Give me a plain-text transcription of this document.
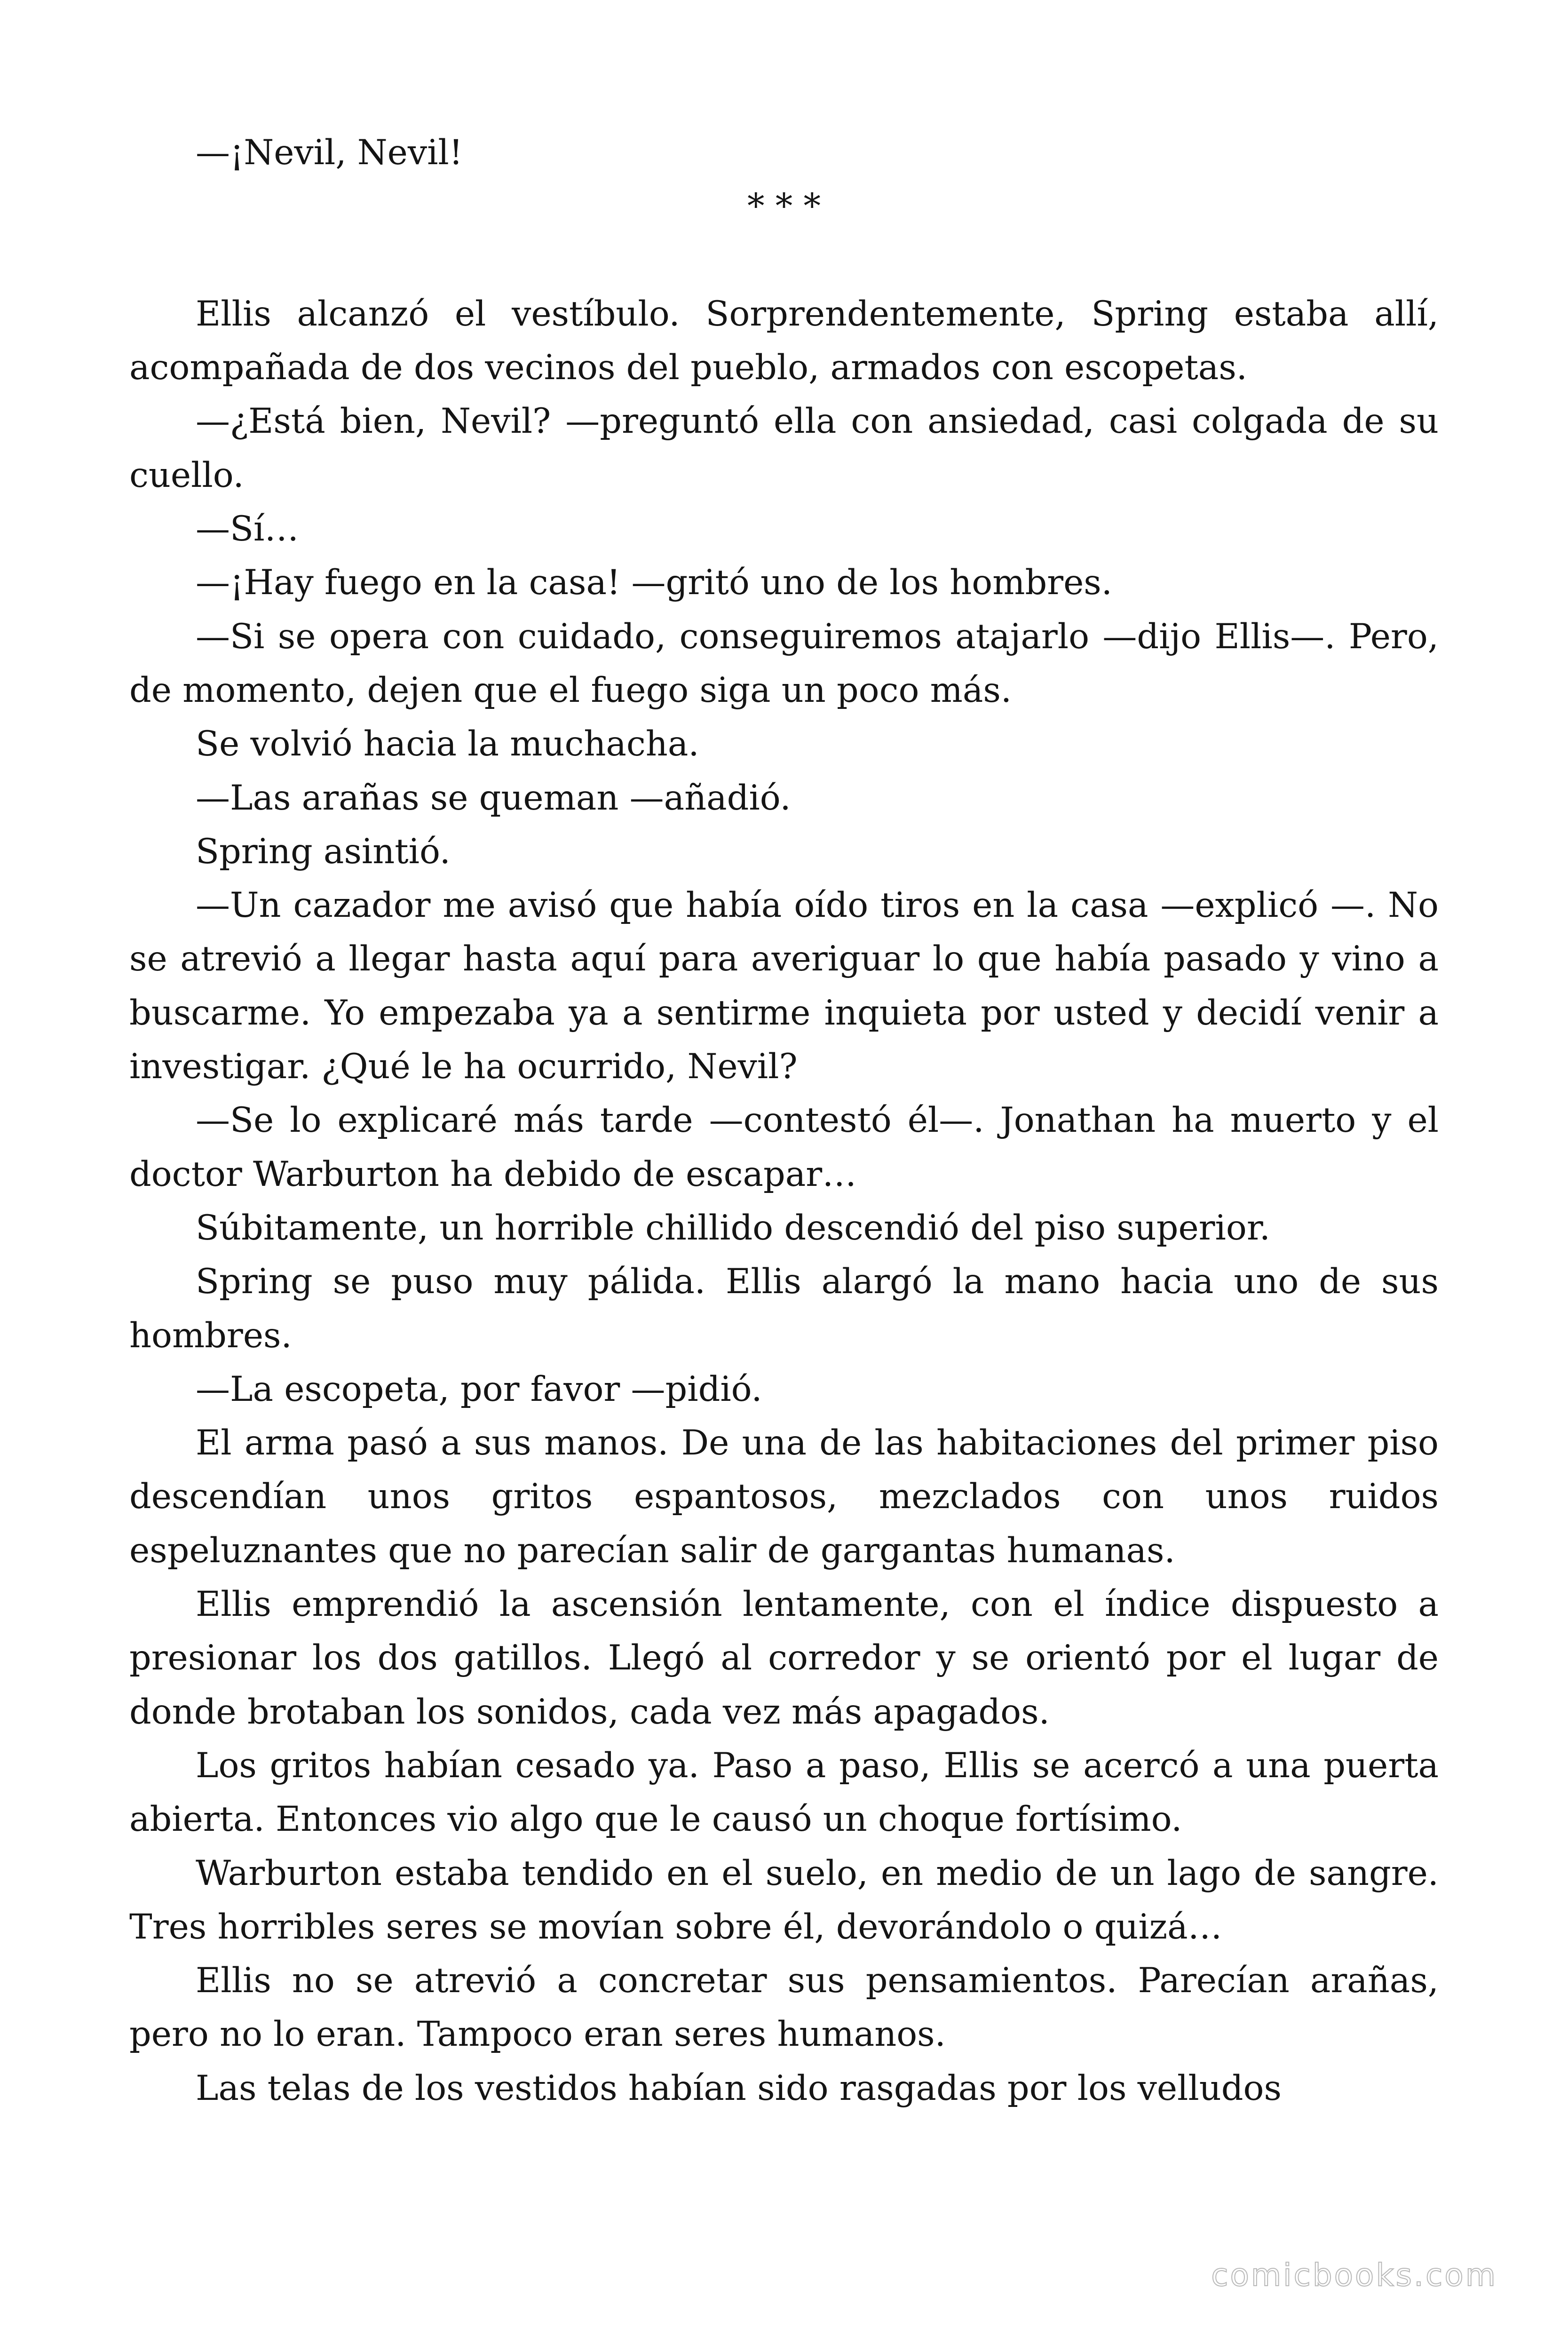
—¡Nevil, Nevil!

* * *

Ellis alcanzó el vestíbulo. Sorprendentemente, Spring estaba allí, acompañada de dos vecinos del pueblo, armados con escopetas.

—¿Está bien, Nevil? —preguntó ella con ansiedad, casi colgada de su cuello.

—Sí…

—¡Hay fuego en la casa! —gritó uno de los hombres.

—Si se opera con cuidado, conseguiremos atajarlo —dijo Ellis—. Pero, de momento, dejen que el fuego siga un poco más.

Se volvió hacia la muchacha.

—Las arañas se queman —añadió.

Spring asintió.

—Un cazador me avisó que había oído tiros en la casa —explicó —. No se atrevió a llegar hasta aquí para averiguar lo que había pasado y vino a buscarme. Yo empezaba ya a sentirme inquieta por usted y decidí venir a investigar. ¿Qué le ha ocurrido, Nevil?

—Se lo explicaré más tarde —contestó él—. Jonathan ha muerto y el doctor Warburton ha debido de escapar…

Súbitamente, un horrible chillido descendió del piso superior.

Spring se puso muy pálida. Ellis alargó la mano hacia uno de sus hombres.

—La escopeta, por favor —pidió.

El arma pasó a sus manos. De una de las habitaciones del primer piso descendían unos gritos espantosos, mezclados con unos ruidos espeluznantes que no parecían salir de gargantas humanas.

Ellis emprendió la ascensión lentamente, con el índice dispuesto a presionar los dos gatillos. Llegó al corredor y se orientó por el lugar de donde brotaban los sonidos, cada vez más apagados.

Los gritos habían cesado ya. Paso a paso, Ellis se acercó a una puerta abierta. Entonces vio algo que le causó un choque fortísimo.

Warburton estaba tendido en el suelo, en medio de un lago de sangre. Tres horribles seres se movían sobre él, devorándolo o quizá…

Ellis no se atrevió a concretar sus pensamientos. Parecían arañas, pero no lo eran. Tampoco eran seres humanos.

Las telas de los vestidos habían sido rasgadas por los velludos

comicbooks.com
